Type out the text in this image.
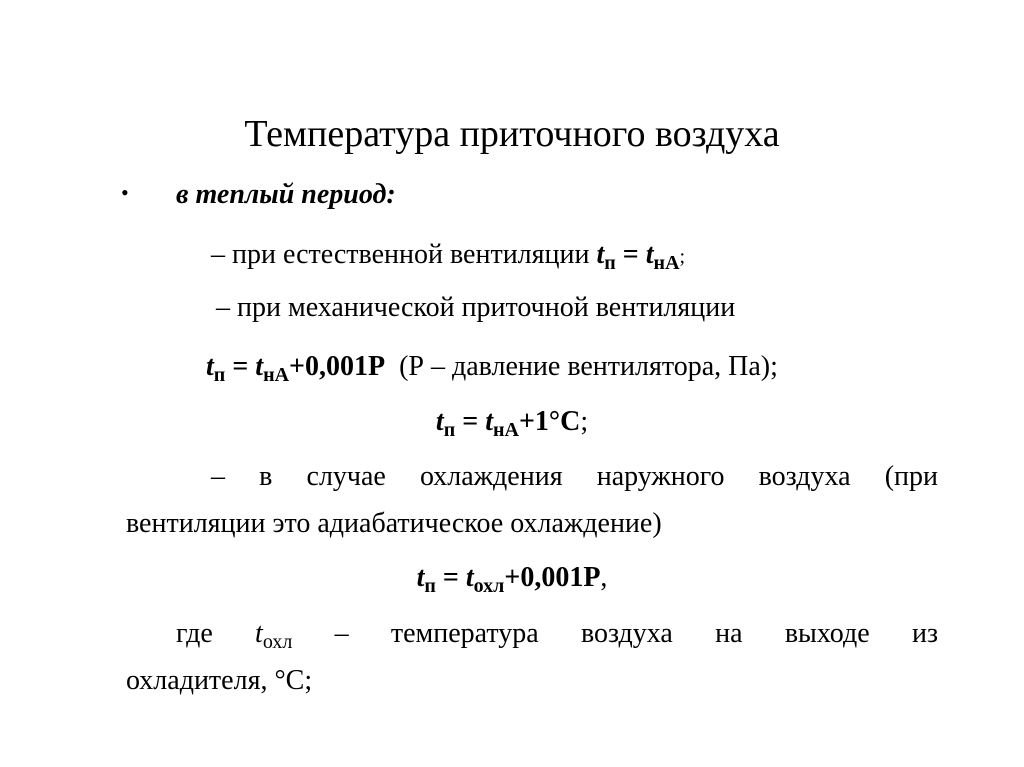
Температура приточного воздуха
• в теплый период:
– при естественной вентиляции $t_п = t_{нА}$;
– при механической приточной вентиляции
$t_п = t_{нА}+0,001Р$  (Р – давление вентилятора, Па);
$t_п = t_{нА}+1^\circ С$;
– в случае охлаждения наружного воздуха (при
вентиляции это адиабатическое охлаждение)
$t_п = t_{охл}+0,001Р$,
где $t_{охл}$ – температура воздуха на выходе из
охладителя, °С;
